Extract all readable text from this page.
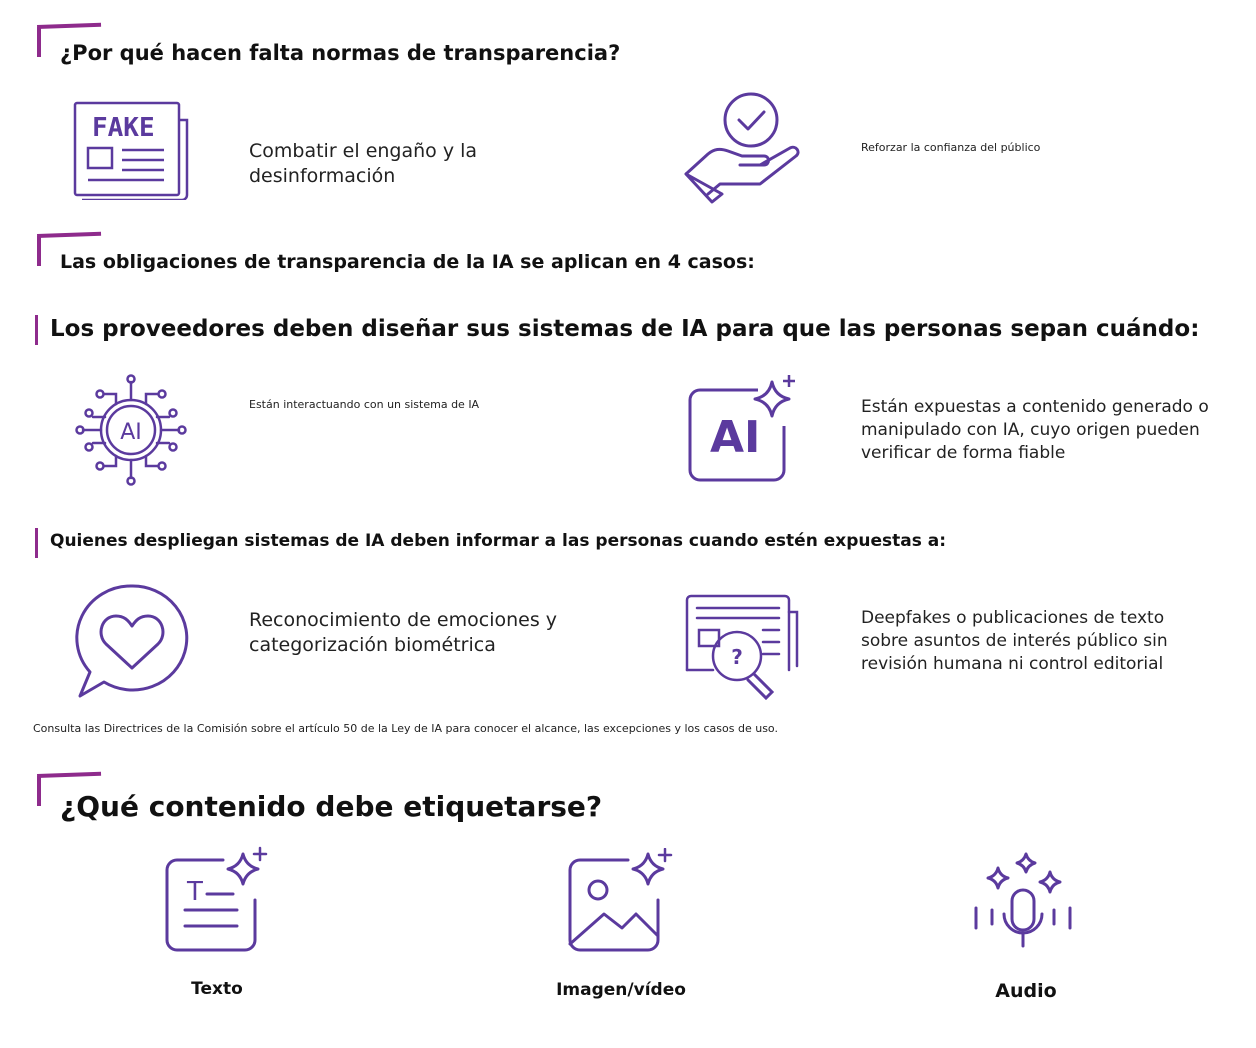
¿Por qué hacen falta normas de transparencia?
FAKE
Combatir el engaño y la desinformación
Reforzar la confianza del público
Las obligaciones de transparencia de la IA se aplican en 4 casos:
Los proveedores deben diseñar sus sistemas de IA para que las personas sepan cuándo:
AI
Están interactuando con un sistema de IA
AI
Están expuestas a contenido generado o manipulado con IA, cuyo origen pueden verificar de forma fiable
Quienes despliegan sistemas de IA deben informar a las personas cuando estén expuestas a:
Reconocimiento de emociones y categorización biométrica	?
Deepfakes o publicaciones de texto sobre asuntos de interés público sin revisión humana ni control editorial
Consulta las Directrices de la Comisión sobre el artículo 50 de la Ley de IA para conocer el alcance, las excepciones y los casos de uso.
¿Qué contenido debe etiquetarse?
T
Texto	Imagen/vídeo	Audio
